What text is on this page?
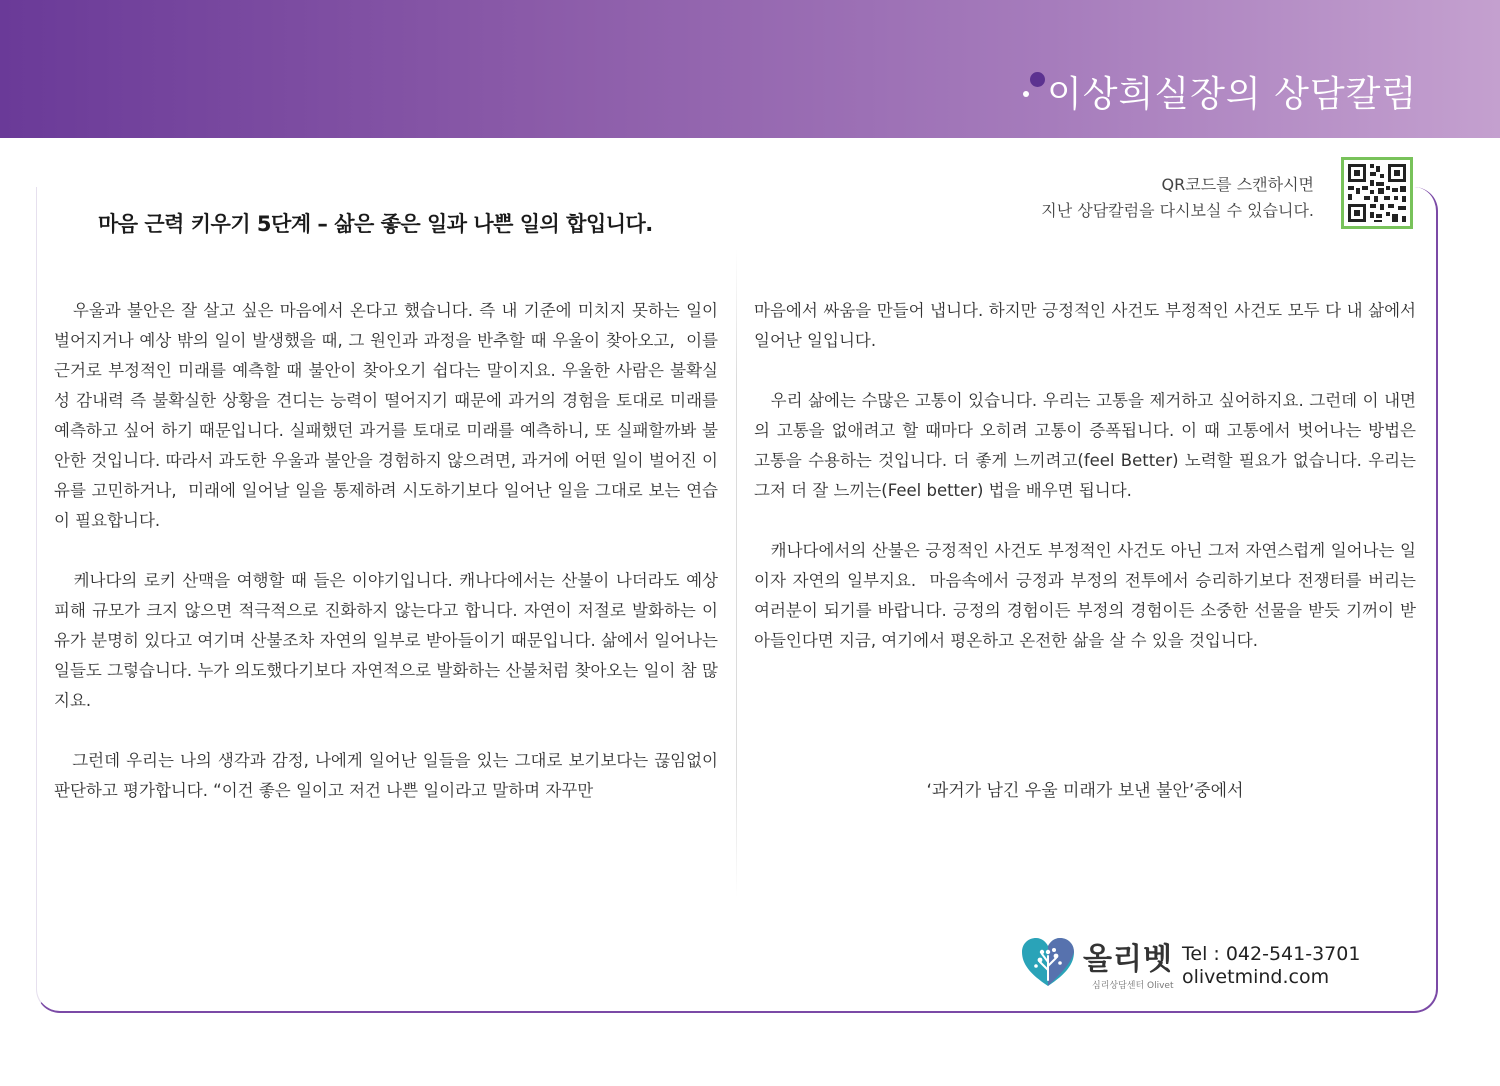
이상희실장의 상담칼럼
마음 근력 키우기 5단계 – 삶은 좋은 일과 나쁜 일의 합입니다.
QR코드를 스캔하시면
지난 상담칼럼을 다시보실 수 있습니다.

우울과 불안은 잘 살고 싶은 마음에서 온다고 했습니다. 즉 내 기준에 미치지 못하는 일이 벌어지거나 예상 밖의 일이 발생했을 때, 그 원인과 과정을 반추할 때 우울이 찾아오고,  이를 근거로 부정적인 미래를 예측할 때 불안이 찾아오기 쉽다는 말이지요. 우울한 사람은 불확실성 감내력 즉 불확실한 상황을 견디는 능력이 떨어지기 때문에 과거의 경험을 토대로 미래를 예측하고 싶어 하기 때문입니다. 실패했던 과거를 토대로 미래를 예측하니, 또 실패할까봐 불안한 것입니다. 따라서 과도한 우울과 불안을 경험하지 않으려면, 과거에 어떤 일이 벌어진 이유를 고민하거나,  미래에 일어날 일을 통제하려 시도하기보다 일어난 일을 그대로 보는 연습이 필요합니다.

케나다의 로키 산맥을 여행할 때 들은 이야기입니다. 캐나다에서는 산불이 나더라도 예상 피해 규모가 크지 않으면 적극적으로 진화하지 않는다고 합니다. 자연이 저절로 발화하는 이유가 분명히 있다고 여기며 산불조차 자연의 일부로 받아들이기 때문입니다. 삶에서 일어나는 일들도 그렇습니다. 누가 의도했다기보다 자연적으로 발화하는 산불처럼 찾아오는 일이 참 많지요.

그런데 우리는 나의 생각과 감정, 나에게 일어난 일들을 있는 그대로 보기보다는 끊임없이 판단하고 평가합니다. “이건 좋은 일이고 저건 나쁜 일이라고 말하며 자꾸만

마음에서 싸움을 만들어 냅니다. 하지만 긍정적인 사건도 부정적인 사건도 모두 다 내 삶에서 일어난 일입니다.

우리 삶에는 수많은 고통이 있습니다. 우리는 고통을 제거하고 싶어하지요. 그런데 이 내면의 고통을 없애려고 할 때마다 오히려 고통이 증폭됩니다. 이 때 고통에서 벗어나는 방법은 고통을 수용하는 것입니다. 더 좋게 느끼려고(feel Better) 노력할 필요가 없습니다. 우리는 그저 더 잘 느끼는(Feel better) 법을 배우면 됩니다.

캐나다에서의 산불은 긍정적인 사건도 부정적인 사건도 아닌 그저 자연스럽게 일어나는 일이자 자연의 일부지요.  마음속에서 긍정과 부정의 전투에서 승리하기보다 전쟁터를 버리는 여러분이 되기를 바랍니다. 긍정의 경험이든 부정의 경험이든 소중한 선물을 받듯 기꺼이 받아들인다면 지금, 여기에서 평온하고 온전한 삶을 살 수 있을 것입니다.

‘과거가 남긴 우울 미래가 보낸 불안’중에서
올리벳
심리상담센터 Olivet
Tel : 042-541-3701
olivetmind.com
